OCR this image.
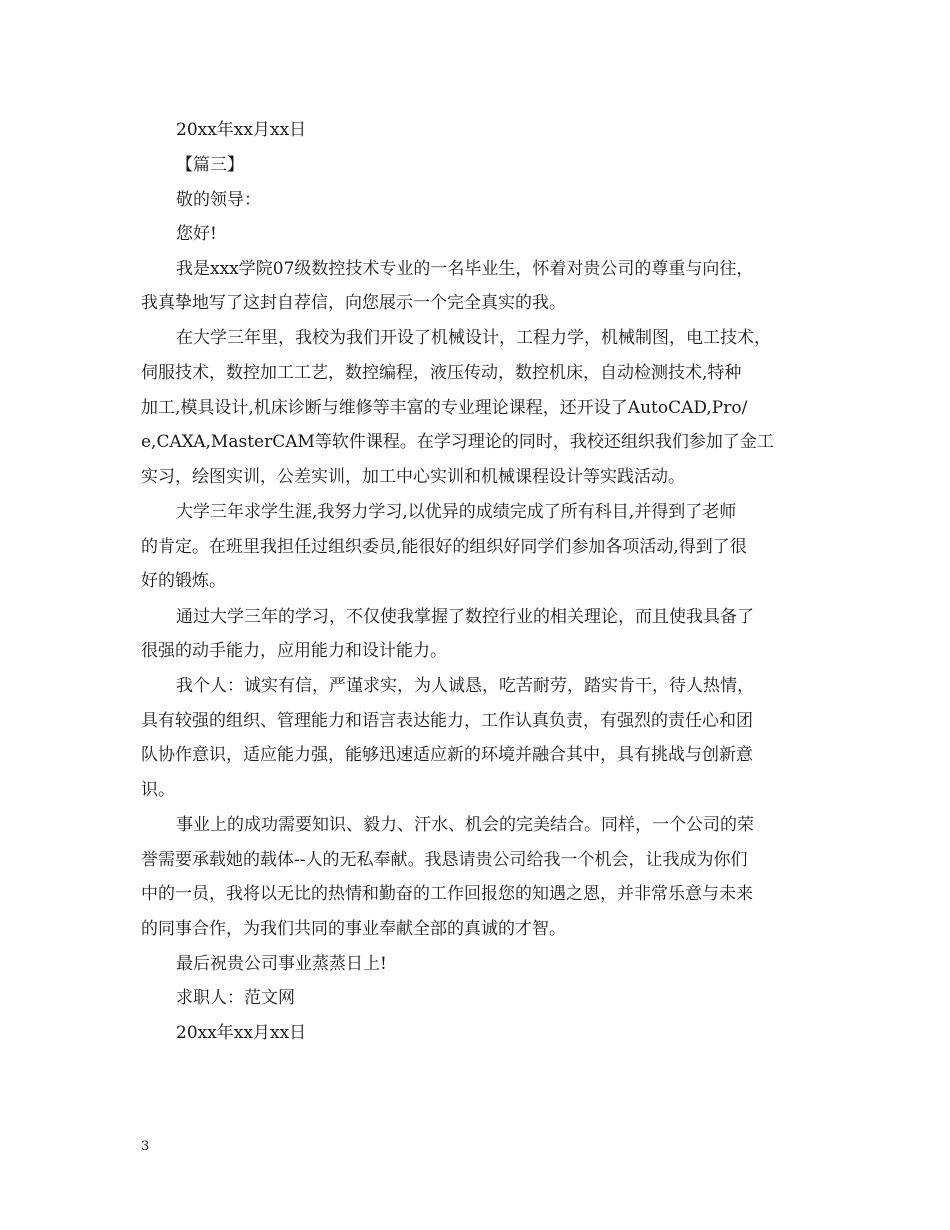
20xx年xx月xx日
【篇三】
敬的领导：
您好!
我是xxx学院07级数控技术专业的一名毕业生，怀着对贵公司的尊重与向往，
我真挚地写了这封自荐信，向您展示一个完全真实的我。
在大学三年里，我校为我们开设了机械设计，工程力学，机械制图，电工技术，
伺服技术，数控加工工艺，数控编程，液压传动，数控机床，自动检测技术,特种
加工,模具设计,机床诊断与维修等丰富的专业理论课程，还开设了AutoCAD,Pro/
e,CAXA,MasterCAM等软件课程。在学习理论的同时，我校还组织我们参加了金工
实习，绘图实训，公差实训，加工中心实训和机械课程设计等实践活动。
大学三年求学生涯,我努力学习,以优异的成绩完成了所有科目,并得到了老师
的肯定。在班里我担任过组织委员,能很好的组织好同学们参加各项活动,得到了很
好的锻炼。
通过大学三年的学习，不仅使我掌握了数控行业的相关理论，而且使我具备了
很强的动手能力，应用能力和设计能力。
我个人：诚实有信，严谨求实，为人诚恳，吃苦耐劳，踏实肯干，待人热情，
具有较强的组织、管理能力和语言表达能力，工作认真负责，有强烈的责任心和团
队协作意识，适应能力强，能够迅速适应新的环境并融合其中，具有挑战与创新意
识。
事业上的成功需要知识、毅力、汗水、机会的完美结合。同样，一个公司的荣
誉需要承载她的载体--人的无私奉献。我恳请贵公司给我一个机会，让我成为你们
中的一员，我将以无比的热情和勤奋的工作回报您的知遇之恩，并非常乐意与未来
的同事合作，为我们共同的事业奉献全部的真诚的才智。
最后祝贵公司事业蒸蒸日上!
求职人：范文网
20xx年xx月xx日
3
